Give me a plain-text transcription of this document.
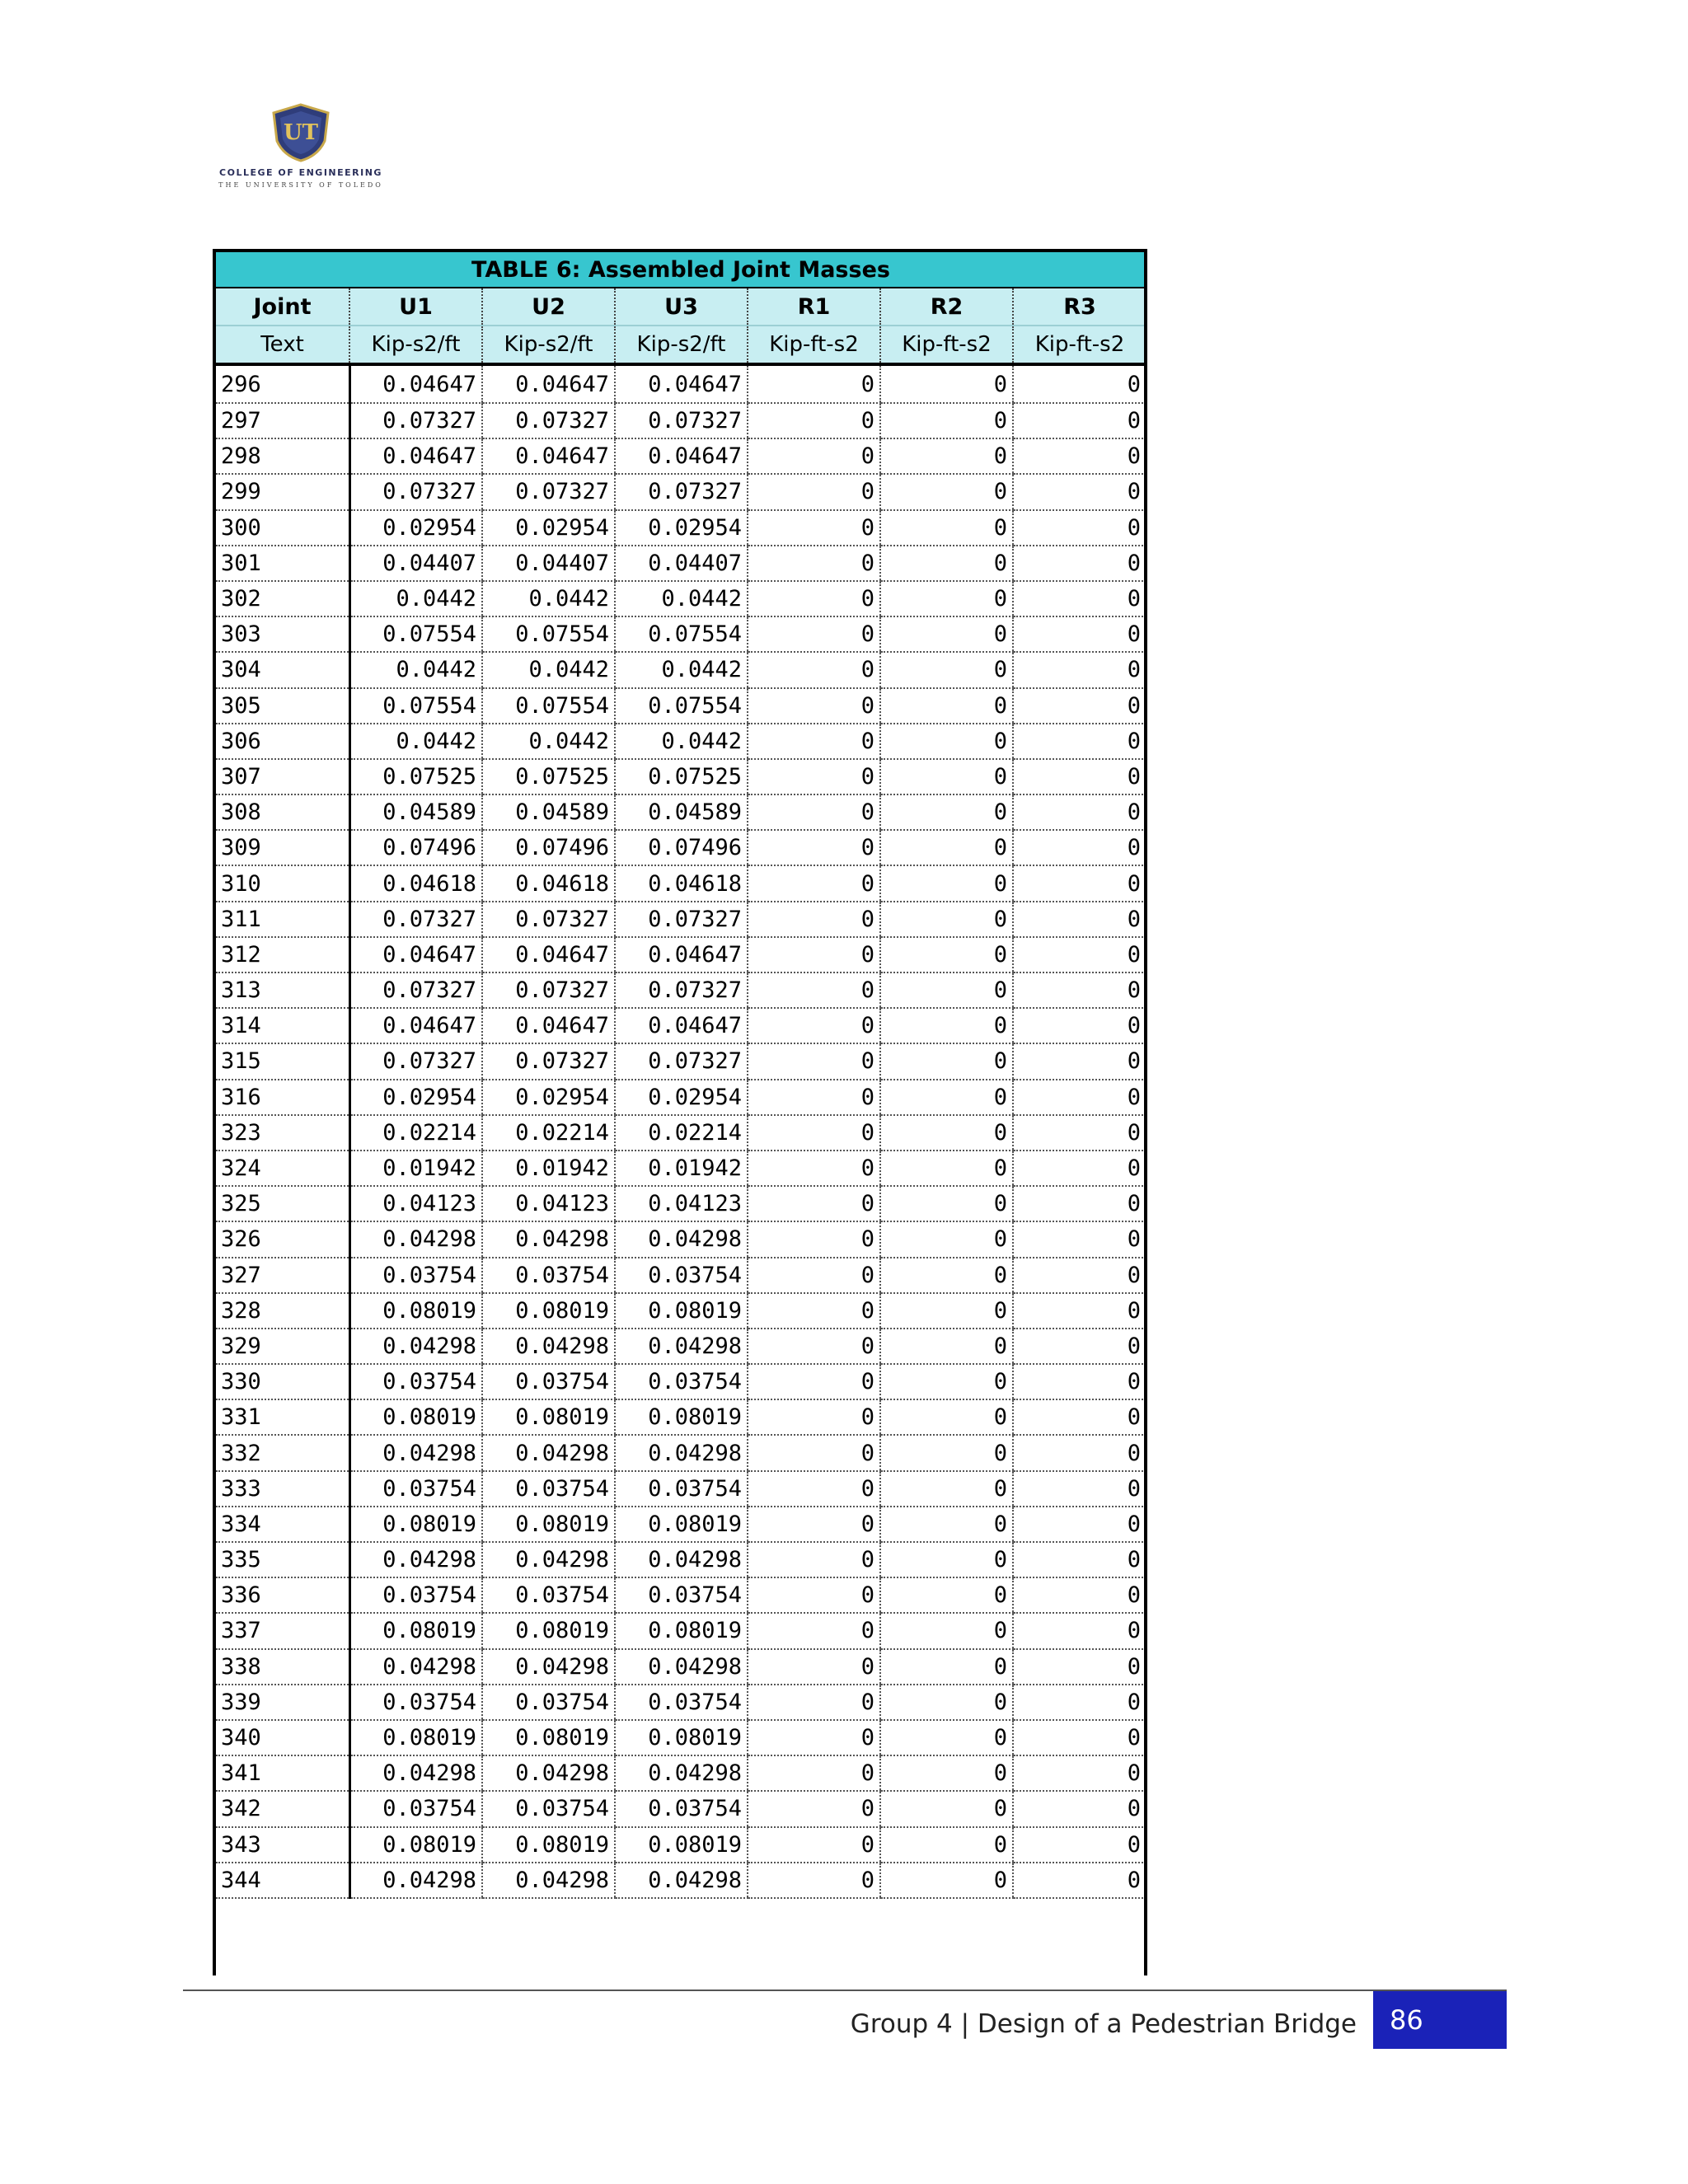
UT
COLLEGE OF ENGINEERING
THE UNIVERSITY OF TOLEDO
TABLE 6: Assembled Joint Masses						
Joint	U1	U2	U3	R1	R2	R3
Text	Kip-s2/ft	Kip-s2/ft	Kip-s2/ft	Kip-ft-s2	Kip-ft-s2	Kip-ft-s2
296	0.04647	0.04647	0.04647	0	0	0
297	0.07327	0.07327	0.07327	0	0	0
298	0.04647	0.04647	0.04647	0	0	0
299	0.07327	0.07327	0.07327	0	0	0
300	0.02954	0.02954	0.02954	0	0	0
301	0.04407	0.04407	0.04407	0	0	0
302	0.0442	0.0442	0.0442	0	0	0
303	0.07554	0.07554	0.07554	0	0	0
304	0.0442	0.0442	0.0442	0	0	0
305	0.07554	0.07554	0.07554	0	0	0
306	0.0442	0.0442	0.0442	0	0	0
307	0.07525	0.07525	0.07525	0	0	0
308	0.04589	0.04589	0.04589	0	0	0
309	0.07496	0.07496	0.07496	0	0	0
310	0.04618	0.04618	0.04618	0	0	0
311	0.07327	0.07327	0.07327	0	0	0
312	0.04647	0.04647	0.04647	0	0	0
313	0.07327	0.07327	0.07327	0	0	0
314	0.04647	0.04647	0.04647	0	0	0
315	0.07327	0.07327	0.07327	0	0	0
316	0.02954	0.02954	0.02954	0	0	0
323	0.02214	0.02214	0.02214	0	0	0
324	0.01942	0.01942	0.01942	0	0	0
325	0.04123	0.04123	0.04123	0	0	0
326	0.04298	0.04298	0.04298	0	0	0
327	0.03754	0.03754	0.03754	0	0	0
328	0.08019	0.08019	0.08019	0	0	0
329	0.04298	0.04298	0.04298	0	0	0
330	0.03754	0.03754	0.03754	0	0	0
331	0.08019	0.08019	0.08019	0	0	0
332	0.04298	0.04298	0.04298	0	0	0
333	0.03754	0.03754	0.03754	0	0	0
334	0.08019	0.08019	0.08019	0	0	0
335	0.04298	0.04298	0.04298	0	0	0
336	0.03754	0.03754	0.03754	0	0	0
337	0.08019	0.08019	0.08019	0	0	0
338	0.04298	0.04298	0.04298	0	0	0
339	0.03754	0.03754	0.03754	0	0	0
340	0.08019	0.08019	0.08019	0	0	0
341	0.04298	0.04298	0.04298	0	0	0
342	0.03754	0.03754	0.03754	0	0	0
343	0.08019	0.08019	0.08019	0	0	0
344	0.04298	0.04298	0.04298	0	0	0
Group 4 | Design of a Pedestrian Bridge	86
